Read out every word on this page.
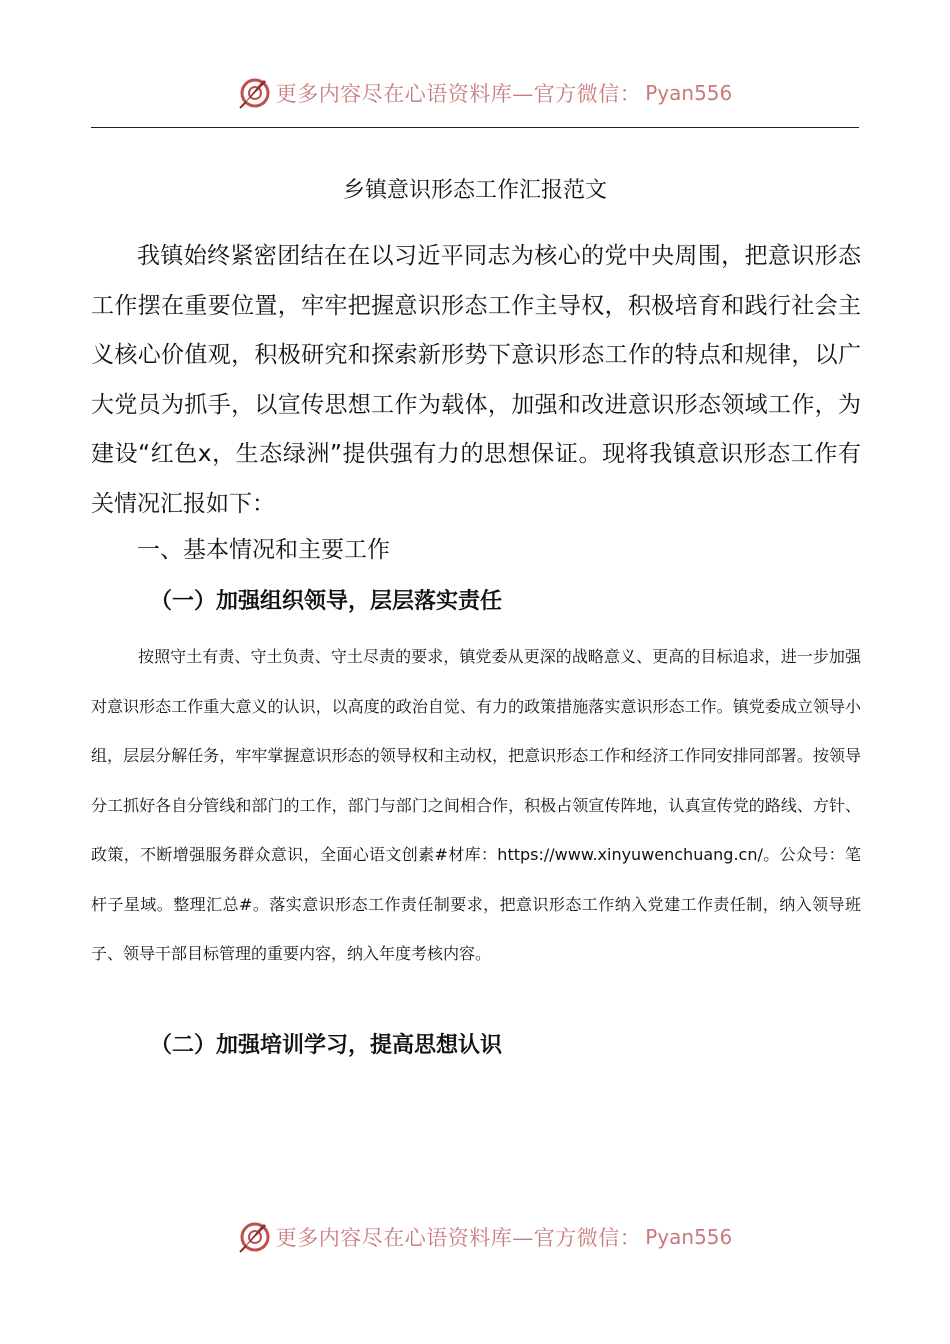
更多内容尽在心语资料库—官方微信： Pyan556
乡镇意识形态工作汇报范文

我镇始终紧密团结在在以习近平同志为核心的党中央周围，把意识形态工作摆在重要位置，牢牢把握意识形态工作主导权，积极培育和践行社会主义核心价值观，积极研究和探索新形势下意识形态工作的特点和规律，以广大党员为抓手，以宣传思想工作为载体，加强和改进意识形态领域工作，为建设“红色x，生态绿洲”提供强有力的思想保证。现将我镇意识形态工作有关情况汇报如下：

一、基本情况和主要工作

（一）加强组织领导，层层落实责任

按照守土有责、守土负责、守土尽责的要求，镇党委从更深的战略意义、更高的目标追求，进一步加强对意识形态工作重大意义的认识，以高度的政治自觉、有力的政策措施落实意识形态工作。镇党委成立领导小组，层层分解任务，牢牢掌握意识形态的领导权和主动权，把意识形态工作和经济工作同安排同部署。按领导分工抓好各自分管线和部门的工作，部门与部门之间相合作，积极占领宣传阵地，认真宣传党的路线、方针、政策，不断增强服务群众意识，全面心语文创素#材库：https://www.xinyuwenchuang.cn/。公众号：笔杆子星域。整理汇总#。落实意识形态工作责任制要求，把意识形态工作纳入党建工作责任制，纳入领导班子、领导干部目标管理的重要内容，纳入年度考核内容。

（二）加强培训学习，提高思想认识

更多内容尽在心语资料库—官方微信： Pyan556
